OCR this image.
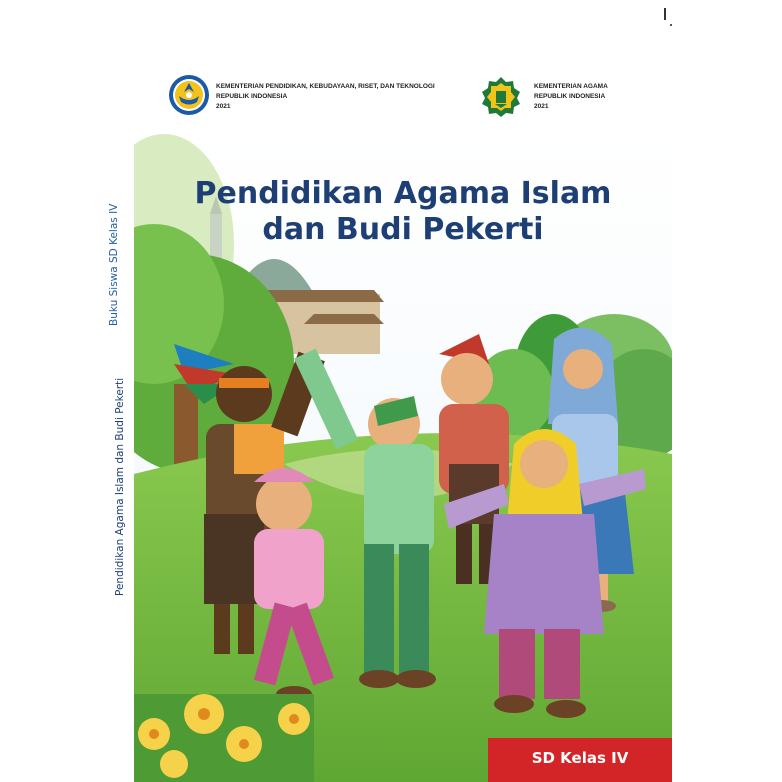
KEMENTERIAN PENDIDIKAN, KEBUDAYAAN, RISET, DAN TEKNOLOGI
REPUBLIK INDONESIA
2021
KEMENTERIAN AGAMA
REPUBLIK INDONESIA
2021
Buku Siswa SD Kelas IV
Pendidikan Agama Islam dan Budi Pekerti
Pendidikan Agama Islam
dan Budi Pekerti
SD Kelas IV
